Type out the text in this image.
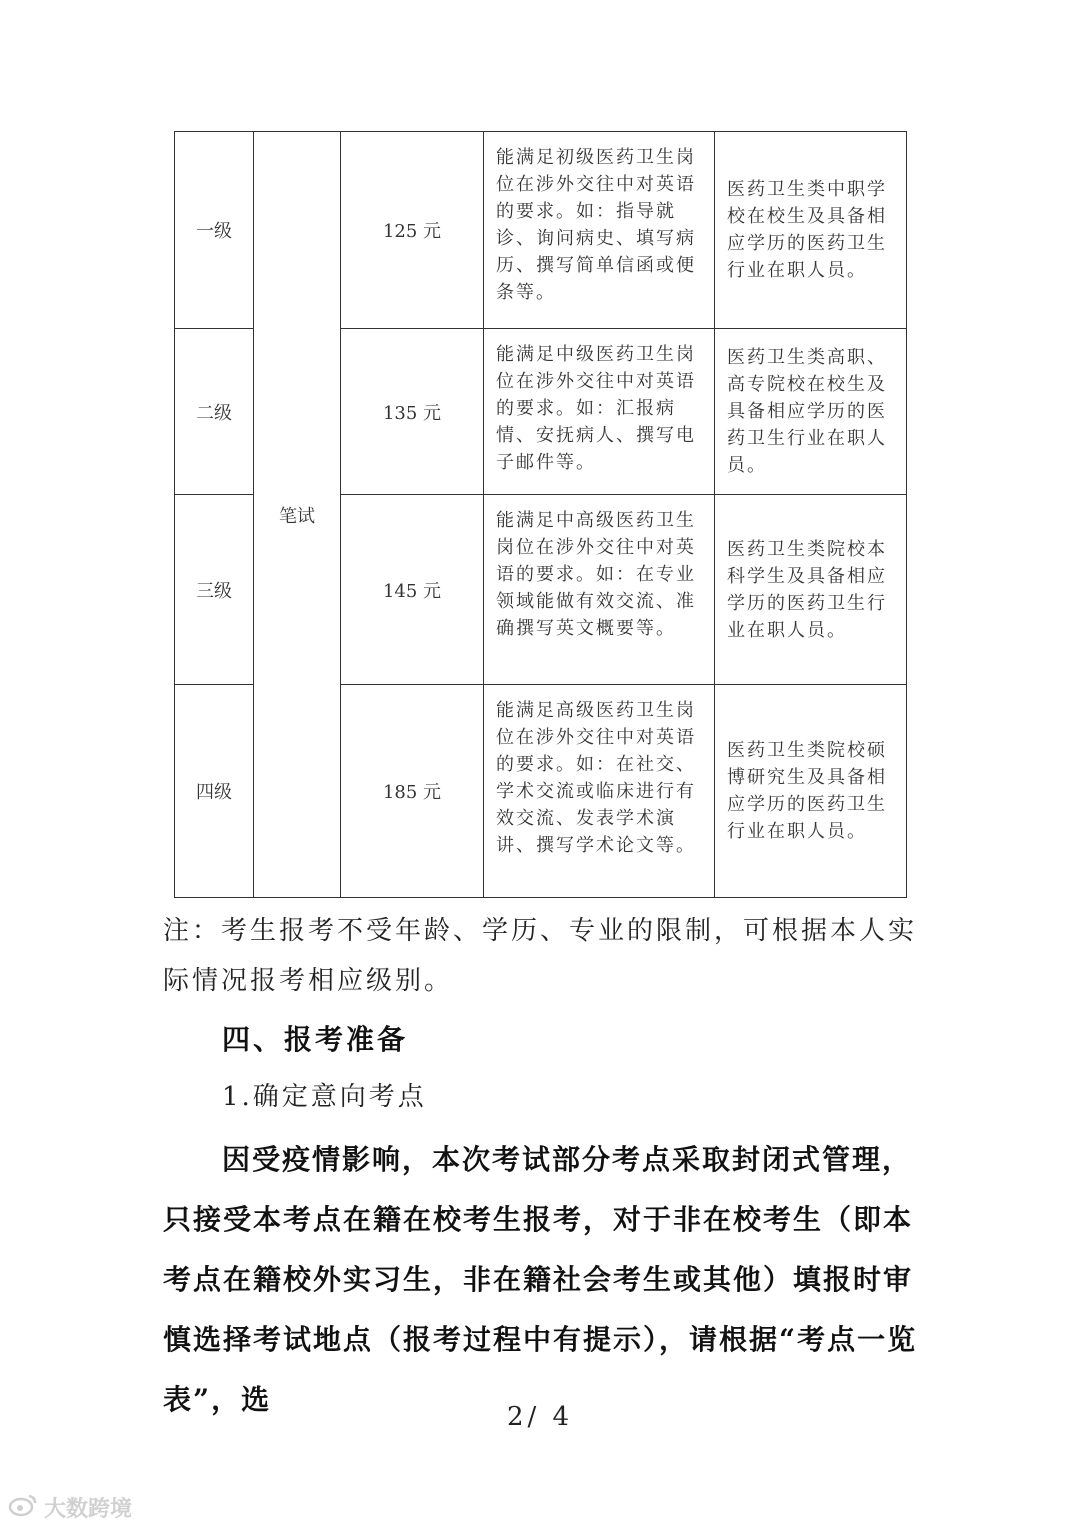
一级	笔试	125 元	能满足初级医药卫生岗位在涉外交往中对英语的要求。如：指导就诊、询问病史、填写病历、撰写简单信函或便条等。	医药卫生类中职学校在校生及具备相应学历的医药卫生行业在职人员。
二级		135 元	能满足中级医药卫生岗位在涉外交往中对英语的要求。如：汇报病情、安抚病人、撰写电子邮件等。	医药卫生类高职、高专院校在校生及具备相应学历的医药卫生行业在职人员。
三级		145 元	能满足中高级医药卫生岗位在涉外交往中对英语的要求。如：在专业领域能做有效交流、准确撰写英文概要等。	医药卫生类院校本科学生及具备相应学历的医药卫生行业在职人员。
四级		185 元	能满足高级医药卫生岗位在涉外交往中对英语的要求。如：在社交、学术交流或临床进行有效交流、发表学术演讲、撰写学术论文等。	医药卫生类院校硕博研究生及具备相应学历的医药卫生行业在职人员。
注：考生报考不受年龄、学历、专业的限制，可根据本人实际情况报考相应级别。
四、报考准备
1.确定意向考点
因受疫情影响，本次考试部分考点采取封闭式管理，只接受本考点在籍在校考生报考，对于非在校考生（即本考点在籍校外实习生，非在籍社会考生或其他）填报时审慎选择考试地点（报考过程中有提示），请根据“考点一览表”，选
2/ 4
大数跨境
